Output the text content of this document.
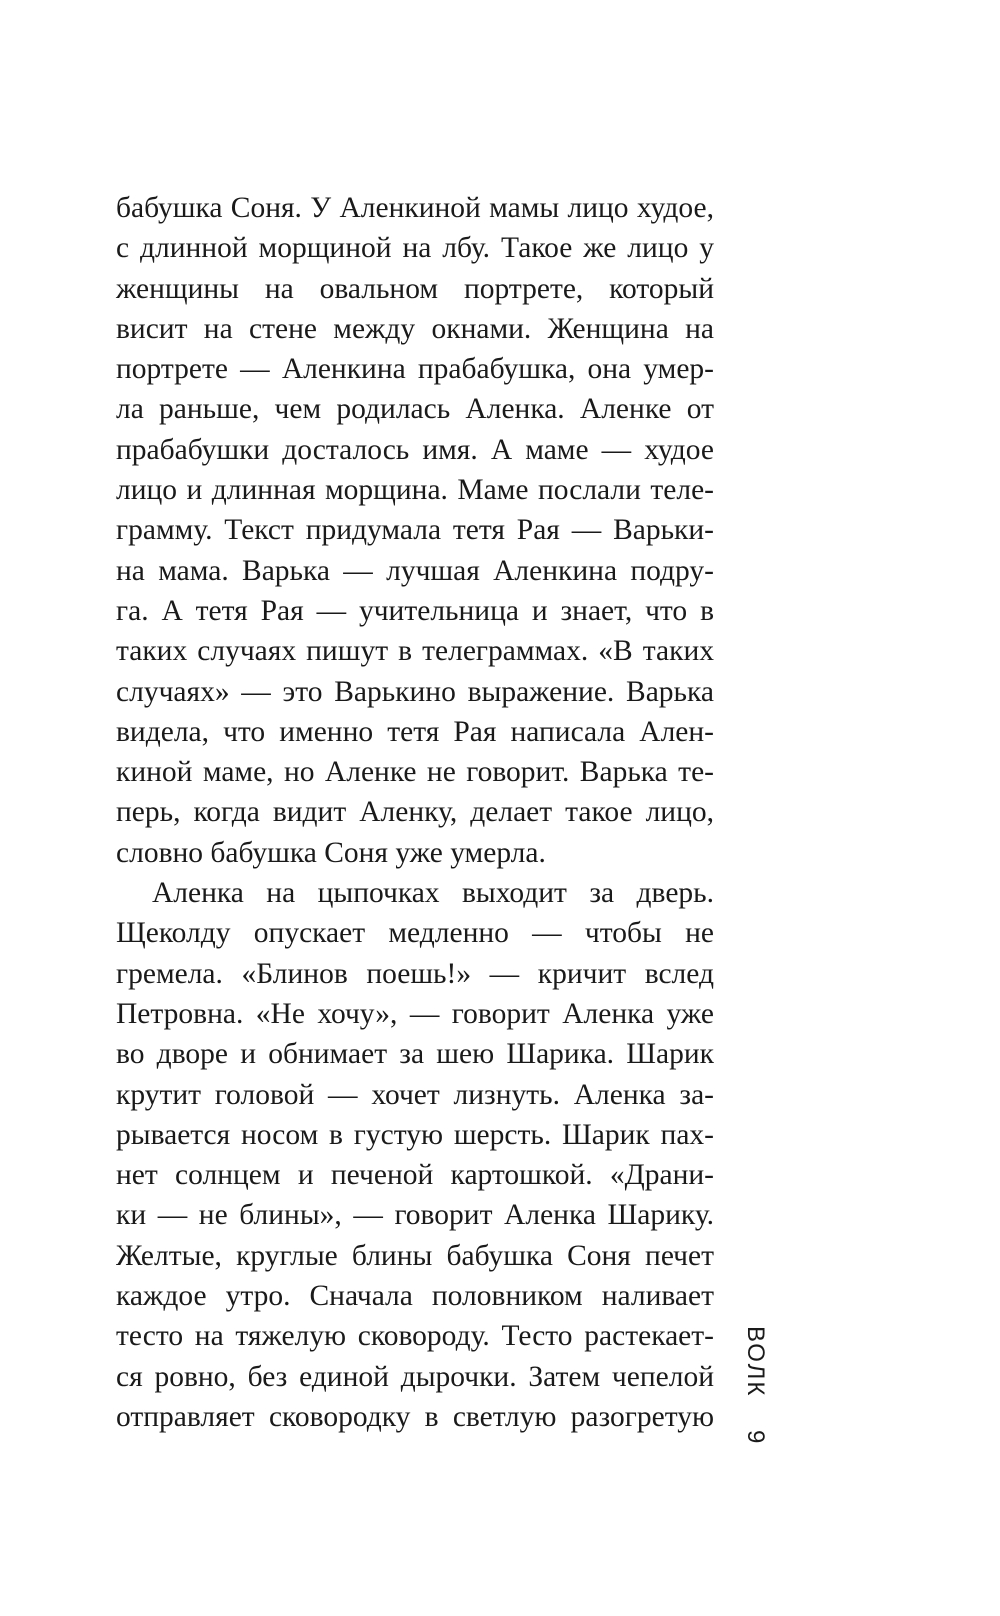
бабушка Соня. У Аленкиной мамы лицо худое,
с длинной морщиной на лбу. Такое же лицо у
женщины на овальном портрете, который
висит на стене между окнами. Женщина на
портрете — Аленкина прабабушка, она умер-
ла раньше, чем родилась Аленка. Аленке от
прабабушки досталось имя. А маме — худое
лицо и длинная морщина. Маме послали теле-
грамму. Текст придумала тетя Рая — Варьки-
на мама. Варька — лучшая Аленкина подру-
га. А тетя Рая — учительница и знает, что в
таких случаях пишут в телеграммах. «В таких
случаях» — это Варькино выражение. Варька
видела, что именно тетя Рая написала Ален-
киной маме, но Аленке не говорит. Варька те-
перь, когда видит Аленку, делает такое лицо,
словно бабушка Соня уже умерла.
Аленка на цыпочках выходит за дверь.
Щеколду опускает медленно — чтобы не
гремела. «Блинов поешь!» — кричит вслед
Петровна. «Не хочу», — говорит Аленка уже
во дворе и обнимает за шею Шарика. Шарик
крутит головой — хочет лизнуть. Аленка за-
рывается носом в густую шерсть. Шарик пах-
нет солнцем и печеной картошкой. «Драни-
ки — не блины», — говорит Аленка Шарику.
Желтые, круглые блины бабушка Соня печет
каждое утро. Сначала половником наливает
тесто на тяжелую сковороду. Тесто растекает-
ся ровно, без единой дырочки. Затем чепелой
отправляет сковородку в светлую разогретую
ВОЛК
9
